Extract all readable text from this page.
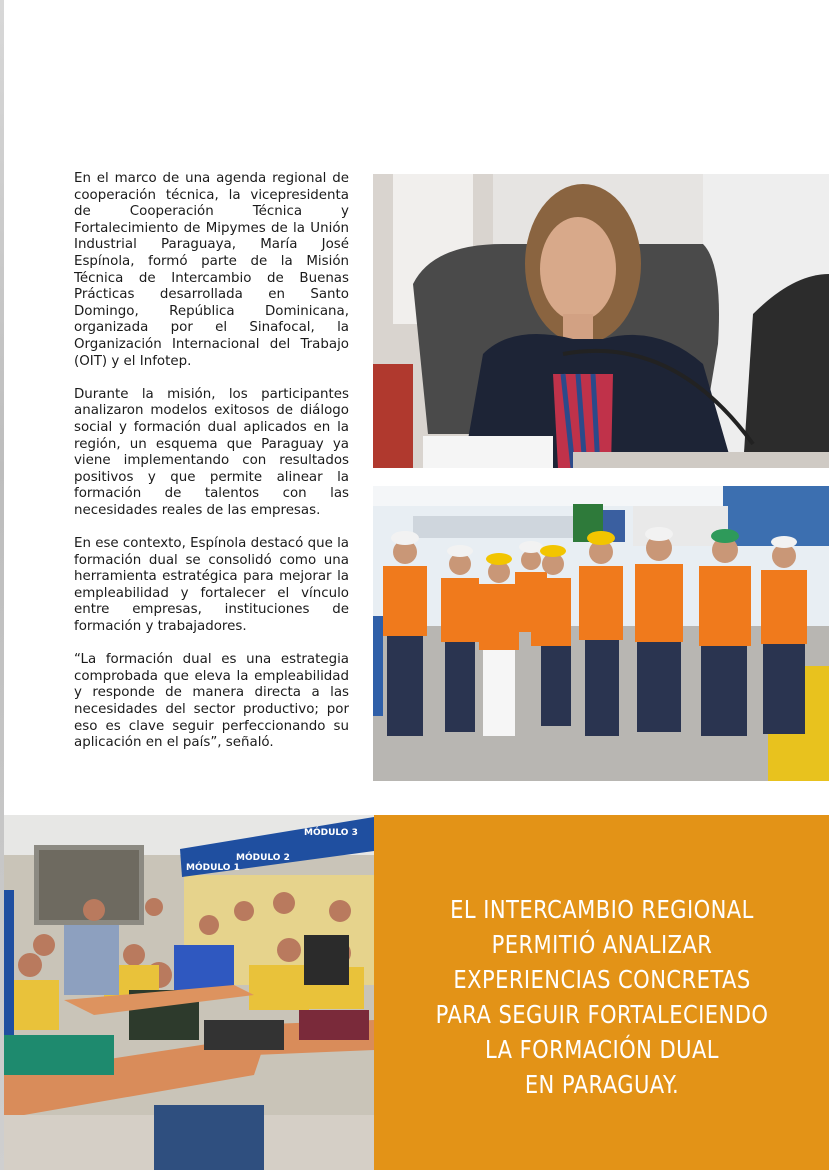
En el marco de una agenda regional de cooperación técnica, la vicepresidenta de Cooperación Técnica y Fortalecimiento de Mipymes de la Unión Industrial Paraguaya, María José Espínola, formó parte de la Misión Técnica de Intercambio de Buenas Prácticas desarrollada en Santo Domingo, República Dominicana, organizada por el Sinafocal, la Organización Internacional del Trabajo (OIT) y el Infotep.

Durante la misión, los participantes analizaron modelos exitosos de diálogo social y formación dual aplicados en la región, un esquema que Paraguay ya viene implementando con resultados positivos y que permite alinear la formación de talentos con las necesidades reales de las empresas.

En ese contexto, Espínola destacó que la formación dual se consolidó como una herramienta estratégica para mejorar la empleabilidad y fortalecer el vínculo entre empresas, instituciones de formación y trabajadores.

“La formación dual es una estrategia comprobada que eleva la empleabilidad y responde de manera directa a las necesidades del sector productivo; por eso es clave seguir perfeccionando su aplicación en el país”, señaló.

MÓDULO 1
MÓDULO 2
MÓDULO 3

EL INTERCAMBIO REGIONAL
PERMITIÓ ANALIZAR
EXPERIENCIAS CONCRETAS
PARA SEGUIR FORTALECIENDO
LA FORMACIÓN DUAL
EN PARAGUAY.
